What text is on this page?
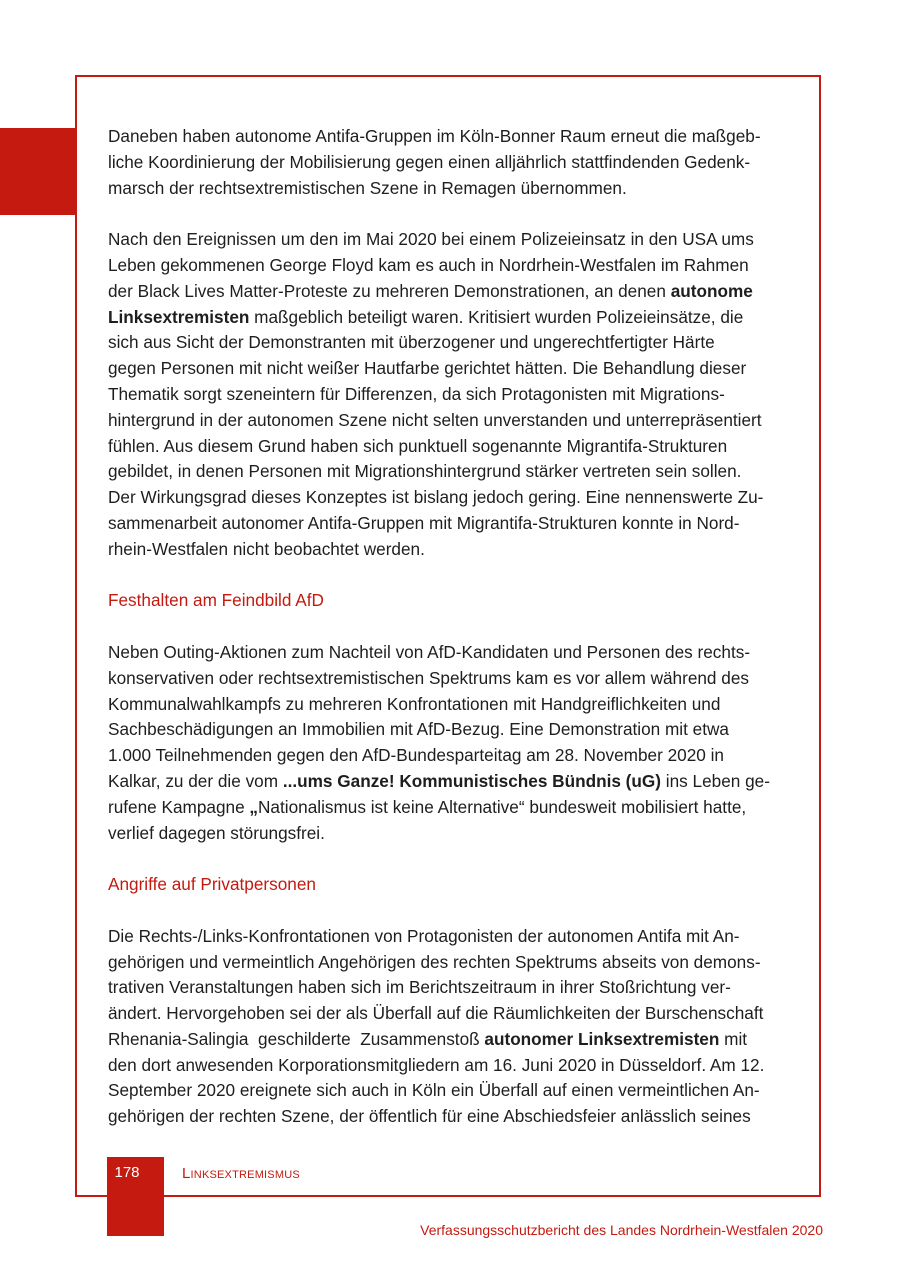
Daneben haben autonome Antifa-Gruppen im Köln-Bonner Raum erneut die maßgeb-
liche Koordinierung der Mobilisierung gegen einen alljährlich stattfindenden Gedenk-
marsch der rechtsextremistischen Szene in Remagen übernommen.

Nach den Ereignissen um den im Mai 2020 bei einem Polizeieinsatz in den USA ums
Leben gekommenen George Floyd kam es auch in Nordrhein-Westfalen im Rahmen
der Black Lives Matter-Proteste zu mehreren Demonstrationen, an denen autonome
Linksextremisten maßgeblich beteiligt waren. Kritisiert wurden Polizeieinsätze, die
sich aus Sicht der Demonstranten mit überzogener und ungerechtfertigter Härte
gegen Personen mit nicht weißer Hautfarbe gerichtet hätten. Die Behandlung dieser
Thematik sorgt szeneintern für Differenzen, da sich Protagonisten mit Migrations-
hintergrund in der autonomen Szene nicht selten unverstanden und unterrepräsentiert
fühlen. Aus diesem Grund haben sich punktuell sogenannte Migrantifa-Strukturen
gebildet, in denen Personen mit Migrationshintergrund stärker vertreten sein sollen.
Der Wirkungsgrad dieses Konzeptes ist bislang jedoch gering. Eine nennenswerte Zu-
sammenarbeit autonomer Antifa-Gruppen mit Migrantifa-Strukturen konnte in Nord-
rhein-Westfalen nicht beobachtet werden.

Festhalten am Feindbild AfD

Neben Outing-Aktionen zum Nachteil von AfD-Kandidaten und Personen des rechts-
konservativen oder rechtsextremistischen Spektrums kam es vor allem während des
Kommunalwahlkampfs zu mehreren Konfrontationen mit Handgreiflichkeiten und
Sachbeschädigungen an Immobilien mit AfD-Bezug. Eine Demonstration mit etwa
1.000 Teilnehmenden gegen den AfD-Bundesparteitag am 28. November 2020 in
Kalkar, zu der die vom ...ums Ganze! Kommunistisches Bündnis (uG) ins Leben ge-
rufene Kampagne „Nationalismus ist keine Alternative“ bundesweit mobilisiert hatte,
verlief dagegen störungsfrei.

Angriffe auf Privatpersonen

Die Rechts-/Links-Konfrontationen von Protagonisten der autonomen Antifa mit An-
gehörigen und vermeintlich Angehörigen des rechten Spektrums abseits von demons-
trativen Veranstaltungen haben sich im Berichtszeitraum in ihrer Stoßrichtung ver-
ändert. Hervorgehoben sei der als Überfall auf die Räumlichkeiten der Burschenschaft
Rhenania-Salingia  geschilderte  Zusammenstoß autonomer Linksextremisten mit
den dort anwesenden Korporationsmitgliedern am 16. Juni 2020 in Düsseldorf. Am 12.
September 2020 ereignete sich auch in Köln ein Überfall auf einen vermeintlichen An-
gehörigen der rechten Szene, der öffentlich für eine Abschiedsfeier anlässlich seines

178	Linksextremismus
Verfassungsschutzbericht des Landes Nordrhein-Westfalen 2020
